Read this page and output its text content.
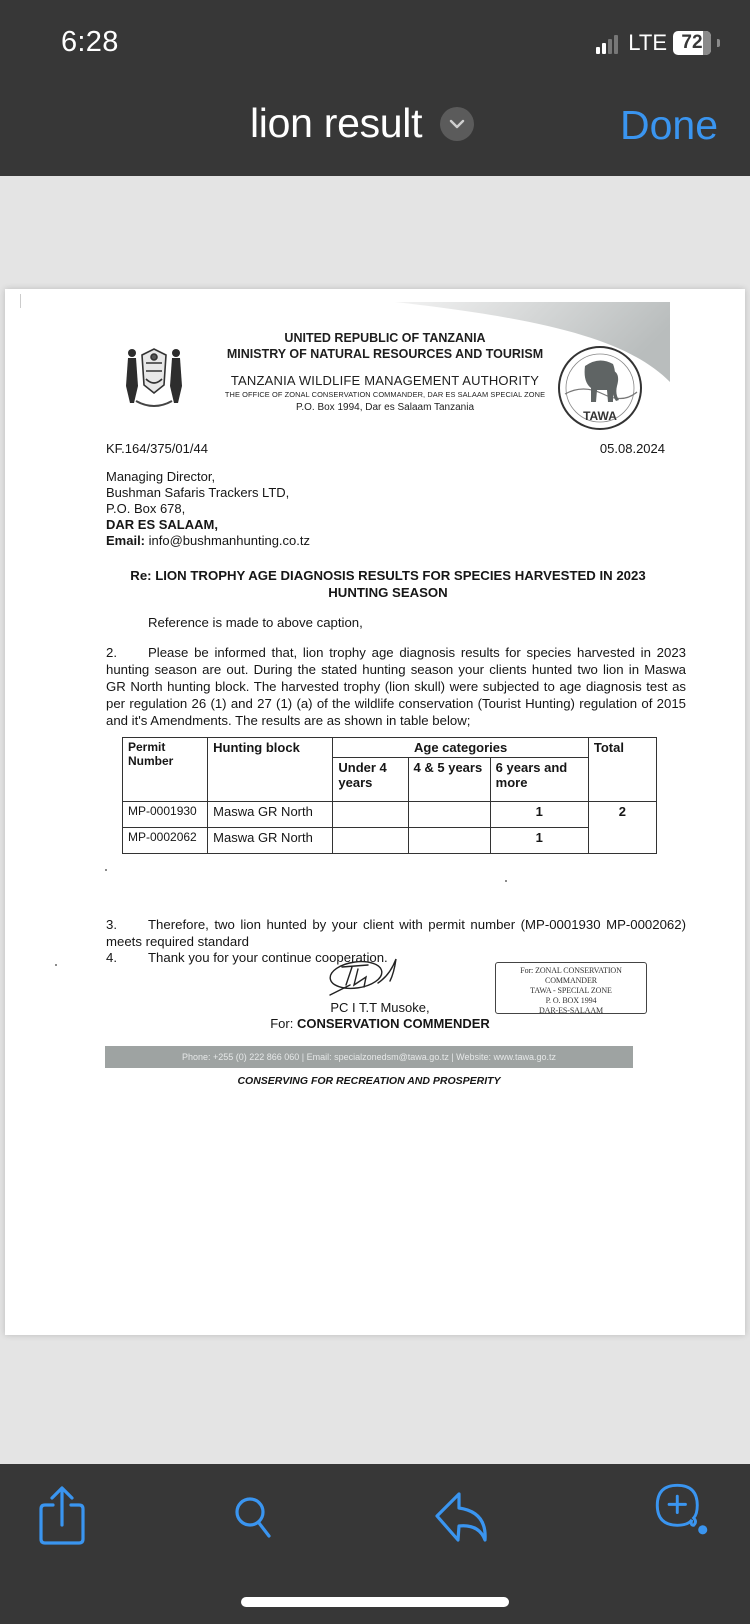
6:28	LTE 72
lion result	Done
UNITED REPUBLIC OF TANZANIA
MINISTRY OF NATURAL RESOURCES AND TOURISM
TANZANIA WILDLIFE MANAGEMENT AUTHORITY
THE OFFICE OF ZONAL CONSERVATION COMMANDER, DAR ES SALAAM SPECIAL ZONE
P.O. Box 1994, Dar es Salaam Tanzania
TAWA
KF.164/375/01/44	05.08.2024
Managing Director,
Bushman Safaris Trackers LTD,
P.O. Box 678,
DAR ES SALAAM,
Email: info@bushmanhunting.co.tz
Re: LION TROPHY AGE DIAGNOSIS RESULTS FOR SPECIES HARVESTED IN 2023 HUNTING SEASON
Reference is made to above caption,
2. Please be informed that, lion trophy age diagnosis results for species harvested in 2023 hunting season are out. During the stated hunting season your clients hunted two lion in Maswa GR North hunting block. The harvested trophy (lion skull) were subjected to age diagnosis test as per regulation 26 (1) and 27 (1) (a) of the wildlife conservation (Tourist Hunting) regulation of 2015 and it's Amendments. The results are as shown in table below;
Permit Number	Hunting block	Age categories			Total
		Under 4 years	4 & 5 years	6 years and more	
MP-0001930	Maswa GR North			1	2
MP-0002062	Maswa GR North			1	
3. Therefore, two lion hunted by your client with permit number (MP-0001930 MP-0002062) meets required standard
4. Thank you for your continue cooperation.
PC I T.T Musoke,
For: CONSERVATION COMMENDER
For: ZONAL CONSERVATION COMMANDER
TAWA - SPECIAL ZONE
P. O. BOX 1994
DAR-ES-SALAAM
Phone: +255 (0) 222 866 060 | Email: specialzonedsm@tawa.go.tz | Website: www.tawa.go.tz
CONSERVING FOR RECREATION AND PROSPERITY
